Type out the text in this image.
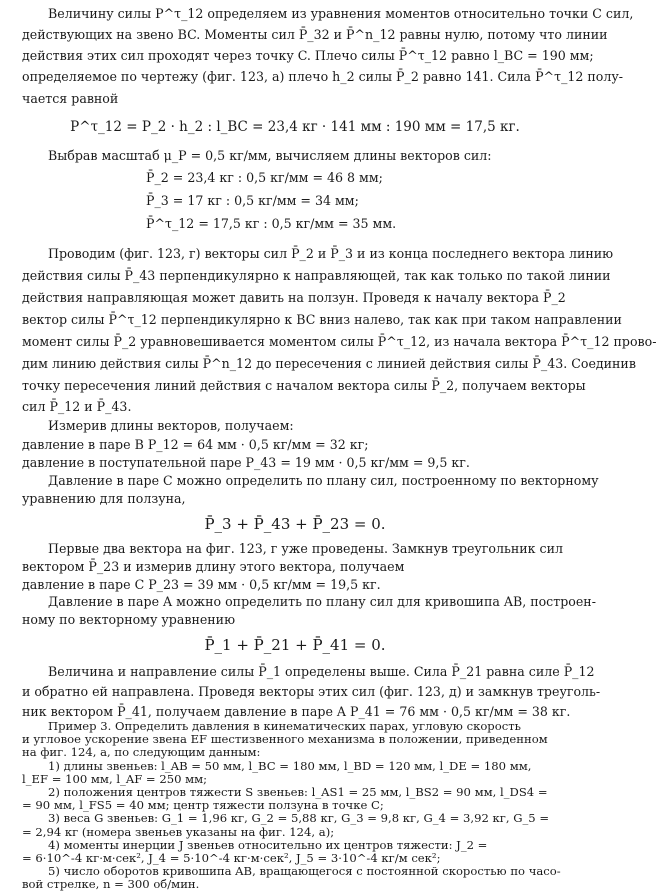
Величину силы P^τ_12 определяем из уравнения моментов относительно точки C сил,
действующих на звено BC. Моменты сил P̄_32 и P̄^n_12 равны нулю, потому что линии
действия этих сил проходят через точку C. Плечо силы P̄^τ_12 равно l_BC = 190 мм;
определяемое по чертежу (фиг. 123, a) плечо h_2 силы P̄_2 равно 141. Сила P̄^τ_12 полу-
чается равной
P^τ_12 = P_2 · h_2 : l_BC = 23,4 кг · 141 мм : 190 мм = 17,5 кг.
Выбрав масштаб μ_P = 0,5 кг/мм, вычисляем длины векторов сил:
P̄_2 = 23,4 кг : 0,5 кг/мм = 46 8 мм;
P̄_3 = 17 кг : 0,5 кг/мм = 34 мм;
P̄^τ_12 = 17,5 кг : 0,5 кг/мм = 35 мм.
Проводим (фиг. 123, г) векторы сил P̄_2 и P̄_3 и из конца последнего вектора линию
действия силы P̄_43 перпендикулярно к направляющей, так как только по такой линии
действия направляющая может давить на ползун. Проведя к началу вектора P̄_2
вектор силы P̄^τ_12 перпендикулярно к BC вниз налево, так как при таком направлении
момент силы P̄_2 уравновешивается моментом силы P̄^τ_12, из начала вектора P̄^τ_12 прово-
дим линию действия силы P̄^n_12 до пересечения с линией действия силы P̄_43. Соединив
точку пересечения линий действия с началом вектора силы P̄_2, получаем векторы
сил P̄_12 и P̄_43.
Измерив длины векторов, получаем:
давление в паре B P_12 = 64 мм · 0,5 кг/мм = 32 кг;
давление в поступательной паре P_43 = 19 мм · 0,5 кг/мм = 9,5 кг.
Давление в паре C можно определить по плану сил, построенному по векторному
уравнению для ползуна,
P̄_3 + P̄_43 + P̄_23 = 0.
Первые два вектора на фиг. 123, г уже проведены. Замкнув треугольник сил
вектором P̄_23 и измерив длину этого вектора, получаем
давление в паре C P_23 = 39 мм · 0,5 кг/мм = 19,5 кг.
Давление в паре A можно определить по плану сил для кривошипа AB, построен-
ному по векторному уравнению
P̄_1 + P̄_21 + P̄_41 = 0.
Величина и направление силы P̄_1 определены выше. Сила P̄_21 равна силе P̄_12
и обратно ей направлена. Проведя векторы этих сил (фиг. 123, д) и замкнув треуголь-
ник вектором P̄_41, получаем давление в паре A P_41 = 76 мм · 0,5 кг/мм = 38 кг.
Пример 3. Определить давления в кинематических парах, угловую скорость
и угловое ускорение звена EF шестизвенного механизма в положении, приведенном
на фиг. 124, а, по следующим данным:
1) длины звеньев: l_AB = 50 мм, l_BC = 180 мм, l_BD = 120 мм, l_DE = 180 мм,
l_EF = 100 мм, l_AF = 250 мм;
2) положения центров тяжести S звеньев: l_AS1 = 25 мм, l_BS2 = 90 мм, l_DS4 =
= 90 мм, l_FS5 = 40 мм; центр тяжести ползуна в точке C;
3) веса G звеньев: G_1 = 1,96 кг, G_2 = 5,88 кг, G_3 = 9,8 кг, G_4 = 3,92 кг, G_5 =
= 2,94 кг (номера звеньев указаны на фиг. 124, а);
4) моменты инерции J звеньев относительно их центров тяжести: J_2 =
= 6·10^-4 кг·м·сек², J_4 = 5·10^-4 кг·м·сек², J_5 = 3·10^-4 кг/м сек²;
5) число оборотов кривошипа AB, вращающегося с постоянной скоростью по часо-
вой стрелке, n = 300 об/мин.
